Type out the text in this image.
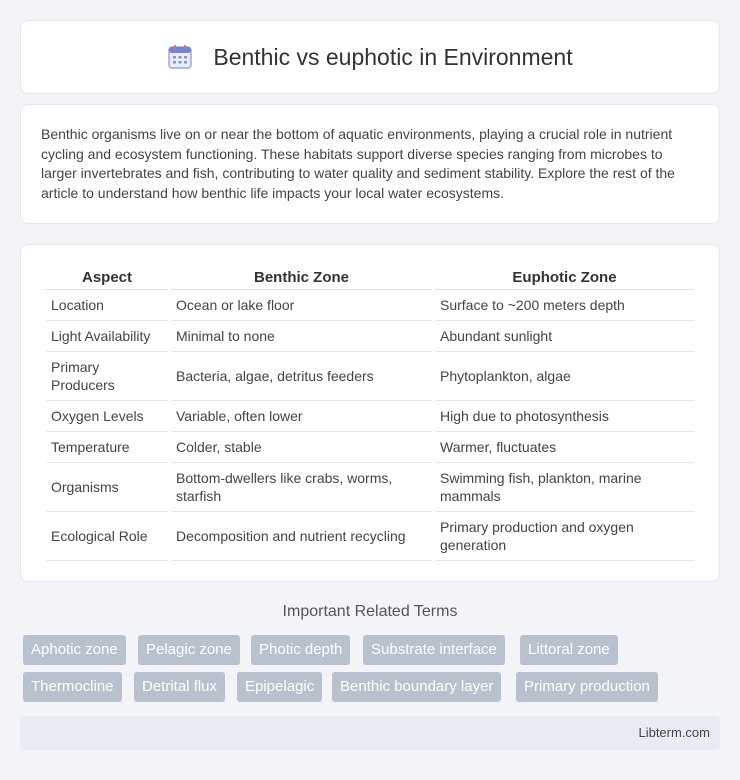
Benthic vs euphotic in Environment

Benthic organisms live on or near the bottom of aquatic environments, playing a crucial role in nutrient cycling and ecosystem functioning. These habitats support diverse species ranging from microbes to larger invertebrates and fish, contributing to water quality and sediment stability. Explore the rest of the article to understand how benthic life impacts your local water ecosystems.

Aspect	Benthic Zone	Euphotic Zone
Location	Ocean or lake floor	Surface to ~200 meters depth
Light Availability	Minimal to none	Abundant sunlight
Primary Producers	Bacteria, algae, detritus feeders	Phytoplankton, algae
Oxygen Levels	Variable, often lower	High due to photosynthesis
Temperature	Colder, stable	Warmer, fluctuates
Organisms	Bottom-dwellers like crabs, worms, starfish	Swimming fish, plankton, marine mammals
Ecological Role	Decomposition and nutrient recycling	Primary production and oxygen generation
Important Related Terms
Aphotic zone	Pelagic zone	Photic depth	Substrate interface	Littoral zone
Thermocline	Detrital flux	Epipelagic	Benthic boundary layer	Primary production
Libterm.com
